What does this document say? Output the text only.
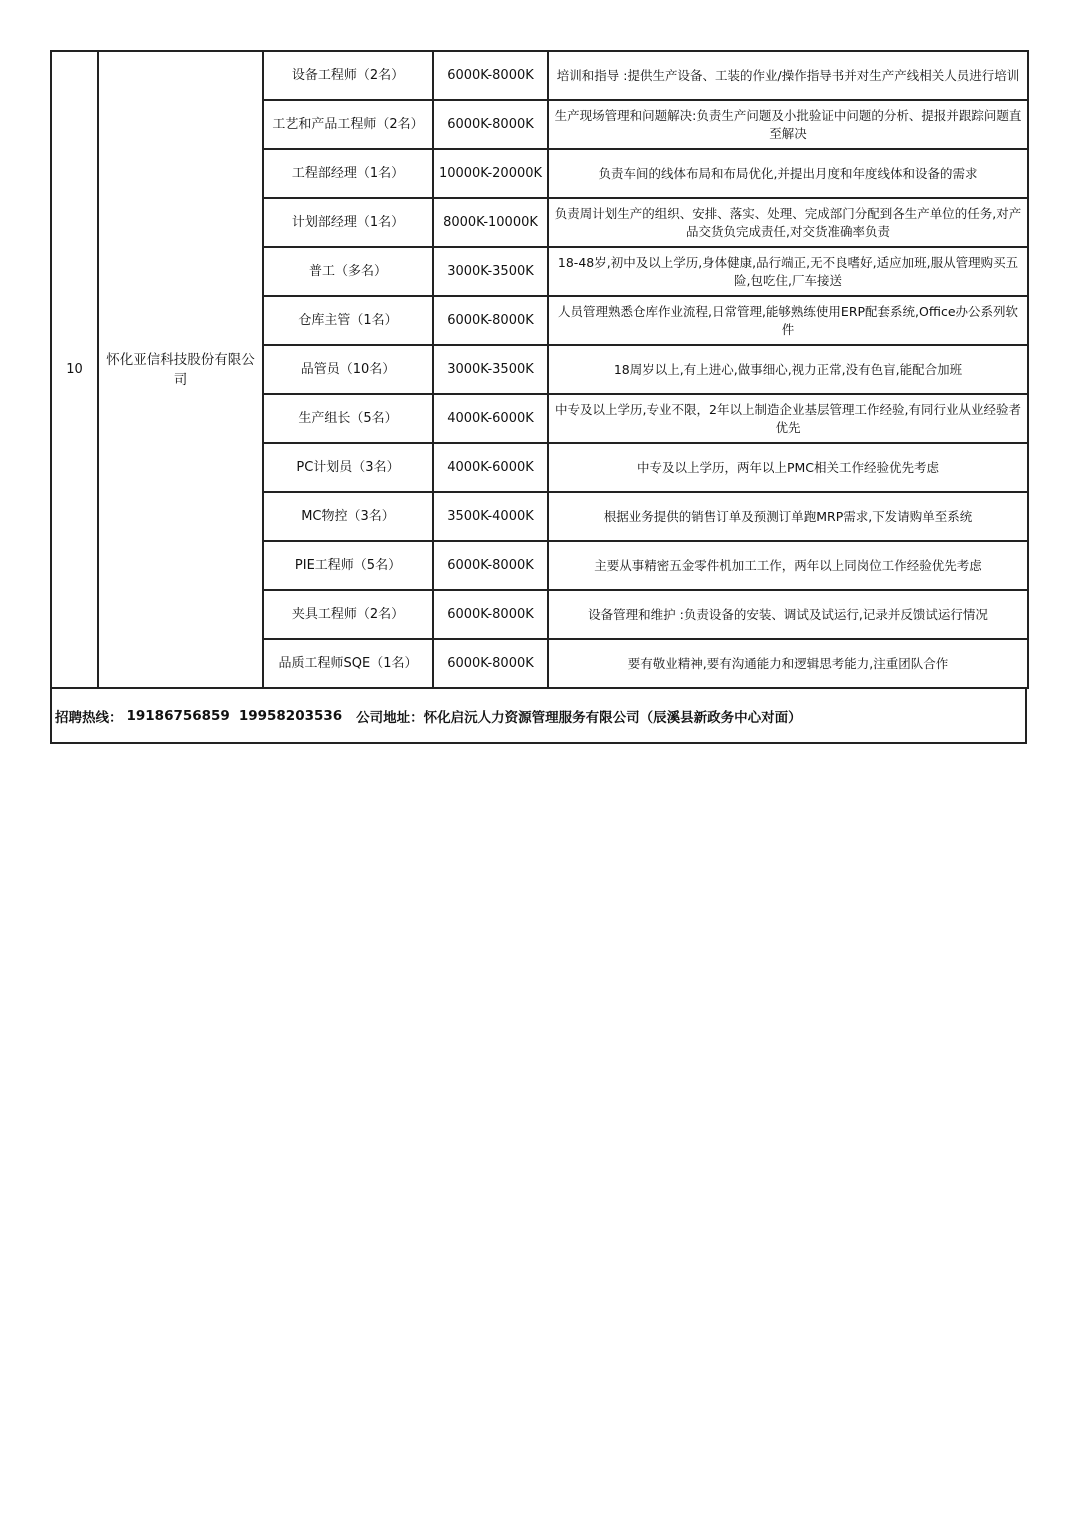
10	怀化亚信科技股份有限公司	设备工程师（2名）	6000K-8000K	培训和指导 :提供生产设备、工装的作业/操作指导书并对生产产线相关人员进行培训
		工艺和产品工程师（2名）	6000K-8000K	生产现场管理和问题解决:负责生产问题及小批验证中问题的分析、提报并跟踪问题直至解决
		工程部经理（1名）	10000K-20000K	负责车间的线体布局和布局优化,并提出月度和年度线体和设备的需求
		计划部经理（1名）	8000K-10000K	负责周计划生产的组织、安排、落实、处理、完成部门分配到各生产单位的任务,对产品交货负完成责任,对交货准确率负责
		普工（多名）	3000K-3500K	18-48岁,初中及以上学历,身体健康,品行端正,无不良嗜好,适应加班,服从管理购买五险,包吃住,厂车接送
		仓库主管（1名）	6000K-8000K	人员管理熟悉仓库作业流程,日常管理,能够熟练使用ERP配套系统,Office办公系列软件
		品管员（10名）	3000K-3500K	18周岁以上,有上进心,做事细心,视力正常,没有色盲,能配合加班
		生产组长（5名）	4000K-6000K	中专及以上学历,专业不限，2年以上制造企业基层管理工作经验,有同行业从业经验者优先
		PC计划员（3名）	4000K-6000K	中专及以上学历，两年以上PMC相关工作经验优先考虑
		MC物控（3名）	3500K-4000K	根据业务提供的销售订单及预测订单跑MRP需求,下发请购单至系统
		PIE工程师（5名）	6000K-8000K	主要从事精密五金零件机加工工作，两年以上同岗位工作经验优先考虑
		夹具工程师（2名）	6000K-8000K	设备管理和维护 :负责设备的安装、调试及试运行,记录并反馈试运行情况
		品质工程师SQE（1名）	6000K-8000K	要有敬业精神,要有沟通能力和逻辑思考能力,注重团队合作
招聘热线： 19186756859 19958203536 公司地址： 怀化启沅人力资源管理服务有限公司（辰溪县新政务中心对面）
